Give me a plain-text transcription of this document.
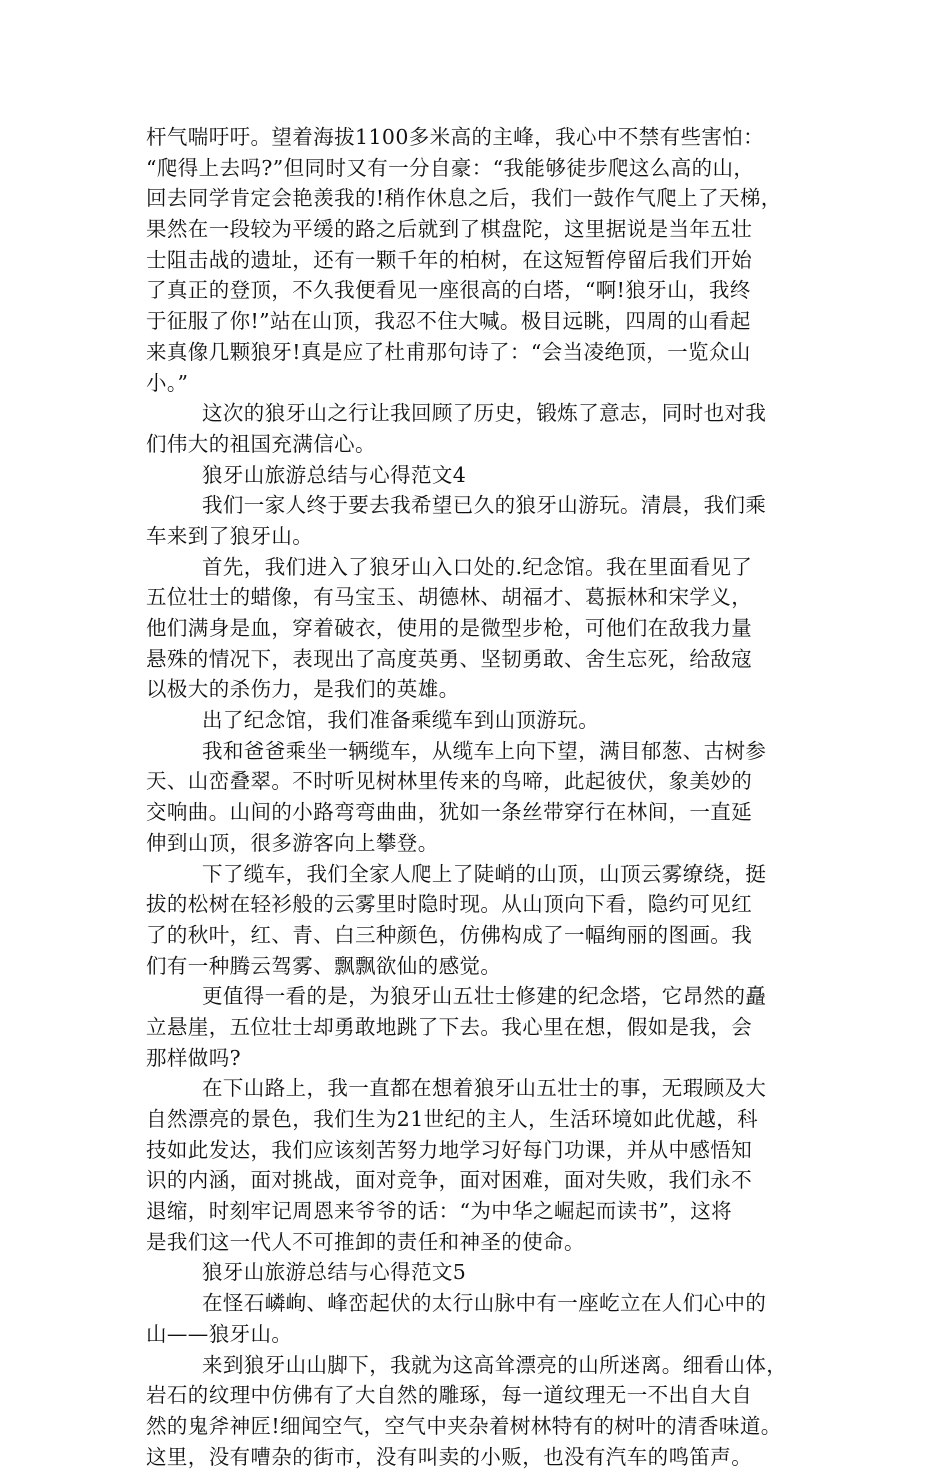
杆气喘吁吁。望着海拔1100多米高的主峰，我心中不禁有些害怕：
“爬得上去吗?”但同时又有一分自豪：“我能够徒步爬这么高的山，
回去同学肯定会艳羡我的!稍作休息之后，我们一鼓作气爬上了天梯，
果然在一段较为平缓的路之后就到了棋盘陀，这里据说是当年五壮
士阻击战的遗址，还有一颗千年的柏树，在这短暂停留后我们开始
了真正的登顶，不久我便看见一座很高的白塔，“啊!狼牙山，我终
于征服了你!”站在山顶，我忍不住大喊。极目远眺，四周的山看起
来真像几颗狼牙!真是应了杜甫那句诗了：“会当凌绝顶，一览众山
小。”
这次的狼牙山之行让我回顾了历史，锻炼了意志，同时也对我
们伟大的祖国充满信心。
狼牙山旅游总结与心得范文4
我们一家人终于要去我希望已久的狼牙山游玩。清晨，我们乘
车来到了狼牙山。
首先，我们进入了狼牙山入口处的.纪念馆。我在里面看见了
五位壮士的蜡像，有马宝玉、胡德林、胡福才、葛振林和宋学义，
他们满身是血，穿着破衣，使用的是微型步枪，可他们在敌我力量
悬殊的情况下，表现出了高度英勇、坚韧勇敢、舍生忘死，给敌寇
以极大的杀伤力，是我们的英雄。
出了纪念馆，我们准备乘缆车到山顶游玩。
我和爸爸乘坐一辆缆车，从缆车上向下望，满目郁葱、古树参
天、山峦叠翠。不时听见树林里传来的鸟啼，此起彼伏，象美妙的
交响曲。山间的小路弯弯曲曲，犹如一条丝带穿行在林间，一直延
伸到山顶，很多游客向上攀登。
下了缆车，我们全家人爬上了陡峭的山顶，山顶云雾缭绕，挺
拔的松树在轻衫般的云雾里时隐时现。从山顶向下看，隐约可见红
了的秋叶，红、青、白三种颜色，仿佛构成了一幅绚丽的图画。我
们有一种腾云驾雾、飘飘欲仙的感觉。
更值得一看的是，为狼牙山五壮士修建的纪念塔，它昂然的矗
立悬崖，五位壮士却勇敢地跳了下去。我心里在想，假如是我，会
那样做吗?
在下山路上，我一直都在想着狼牙山五壮士的事，无瑕顾及大
自然漂亮的景色，我们生为21世纪的主人，生活环境如此优越，科
技如此发达，我们应该刻苦努力地学习好每门功课，并从中感悟知
识的内涵，面对挑战，面对竞争，面对困难，面对失败，我们永不
退缩，时刻牢记周恩来爷爷的话：“为中华之崛起而读书”，这将
是我们这一代人不可推卸的责任和神圣的使命。
狼牙山旅游总结与心得范文5
在怪石嶙峋、峰峦起伏的太行山脉中有一座屹立在人们心中的
山——狼牙山。
来到狼牙山山脚下，我就为这高耸漂亮的山所迷离。细看山体，
岩石的纹理中仿佛有了大自然的雕琢，每一道纹理无一不出自大自
然的鬼斧神匠!细闻空气，空气中夹杂着树林特有的树叶的清香味道。
这里，没有嘈杂的街市，没有叫卖的小贩，也没有汽车的鸣笛声。
